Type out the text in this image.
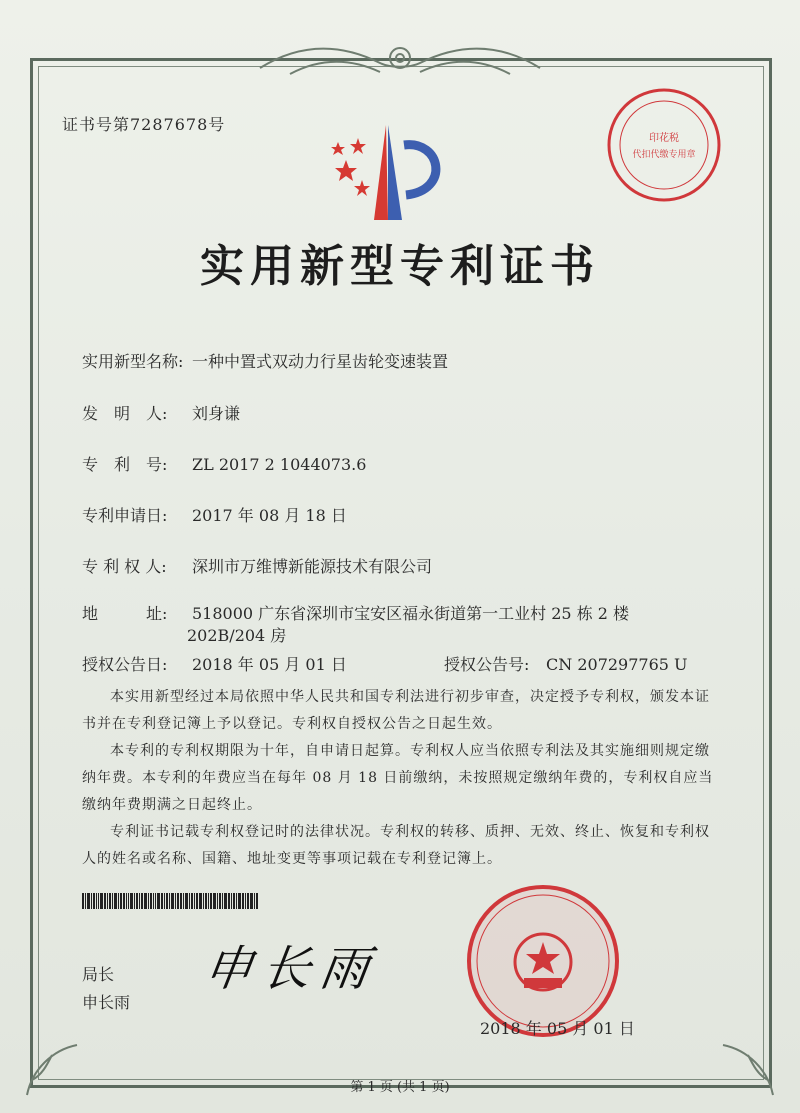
证书号第7287678号
印花税
代扣代缴专用章
实用新型专利证书
实用新型名称: 一种中置式双动力行星齿轮变速装置
发　明　人: 刘身谦
专　利　号: ZL 2017 2 1044073.6
专利申请日: 2017 年 08 月 18 日
专 利 权 人: 深圳市万维博新能源技术有限公司
地　　　址: 518000 广东省深圳市宝安区福永街道第一工业村 25 栋 2 楼
202B/204 房
授权公告日: 2018 年 05 月 01 日	授权公告号: CN 207297765 U

本实用新型经过本局依照中华人民共和国专利法进行初步审查，决定授予专利权，颁发本证书并在专利登记簿上予以登记。专利权自授权公告之日起生效。

本专利的专利权期限为十年，自申请日起算。专利权人应当依照专利法及其实施细则规定缴纳年费。本专利的年费应当在每年 08 月 18 日前缴纳，未按照规定缴纳年费的，专利权自应当缴纳年费期满之日起终止。

专利证书记载专利权登记时的法律状况。专利权的转移、质押、无效、终止、恢复和专利权人的姓名或名称、国籍、地址变更等事项记载在专利登记簿上。

局长
申长雨
申长雨
2018 年 05 月 01 日
第 1 页 (共 1 页)
